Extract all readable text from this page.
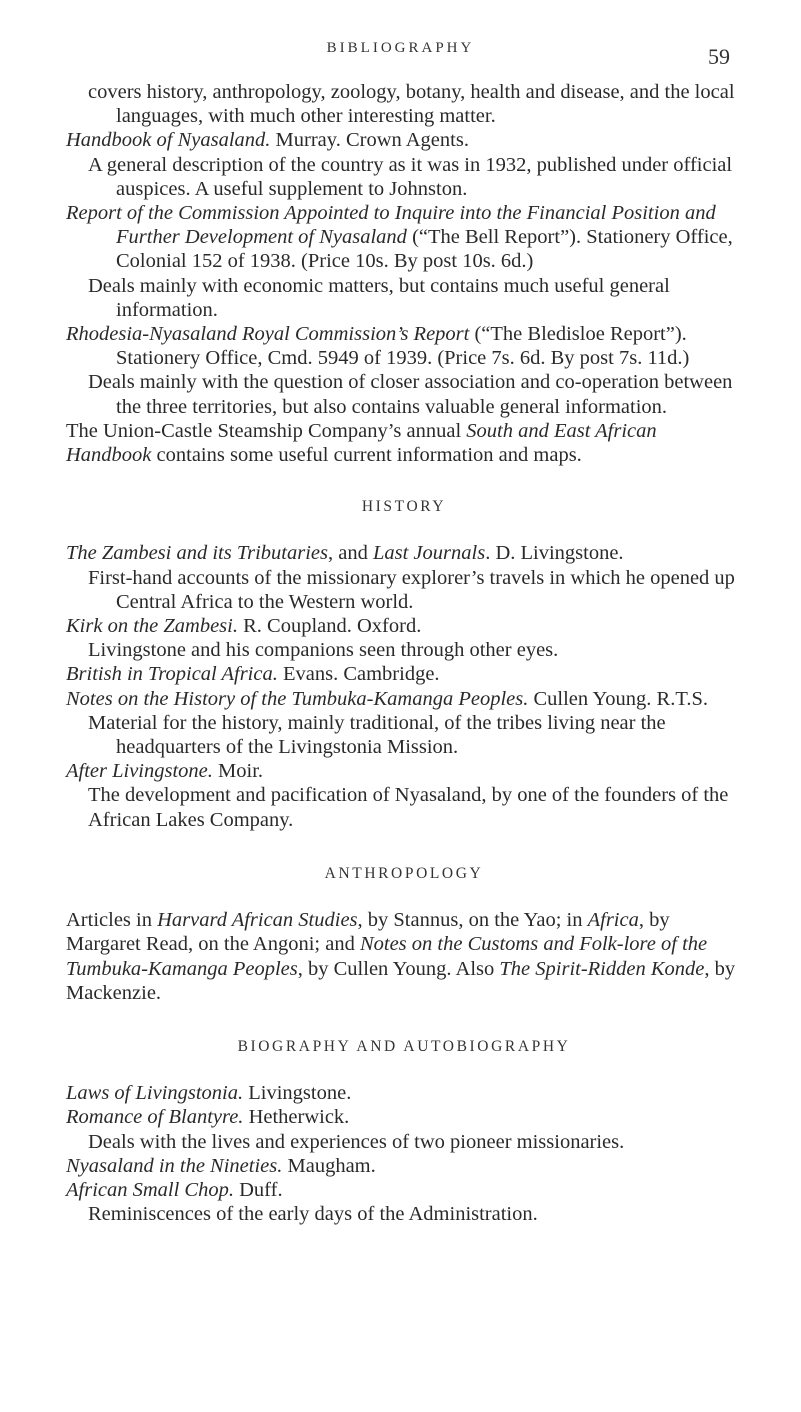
BIBLIOGRAPHY	59

covers history, anthropology, zoology, botany, health and disease, and the local languages, with much other interesting matter.

Handbook of Nyasaland. Murray. Crown Agents.

A general description of the country as it was in 1932, published under official auspices. A useful supplement to Johnston.

Report of the Commission Appointed to Inquire into the Financial Position and Further Development of Nyasaland (“The Bell Report”). Stationery Office, Colonial 152 of 1938. (Price 10s. By post 10s. 6d.)

Deals mainly with economic matters, but contains much useful general information.

Rhodesia-Nyasaland Royal Commission’s Report (“The Bledisloe Report”). Stationery Office, Cmd. 5949 of 1939. (Price 7s. 6d. By post 7s. 11d.)

Deals mainly with the question of closer association and co-operation between the three territories, but also contains valuable general information.

The Union-Castle Steamship Company’s annual South and East African Handbook contains some useful current information and maps.

HISTORY

The Zambesi and its Tributaries, and Last Journals. D. Livingstone.

First-hand accounts of the missionary explorer’s travels in which he opened up Central Africa to the Western world.

Kirk on the Zambesi. R. Coupland. Oxford.

Livingstone and his companions seen through other eyes.

British in Tropical Africa. Evans. Cambridge.

Notes on the History of the Tumbuka-Kamanga Peoples. Cullen Young. R.T.S.

Material for the history, mainly traditional, of the tribes living near the headquarters of the Livingstonia Mission.

After Livingstone. Moir.

The development and pacification of Nyasaland, by one of the founders of the African Lakes Company.

ANTHROPOLOGY

Articles in Harvard African Studies, by Stannus, on the Yao; in Africa, by Margaret Read, on the Angoni; and Notes on the Customs and Folk-lore of the Tumbuka-Kamanga Peoples, by Cullen Young. Also The Spirit-Ridden Konde, by Mackenzie.

BIOGRAPHY AND AUTOBIOGRAPHY

Laws of Livingstonia. Livingstone.

Romance of Blantyre. Hetherwick.

Deals with the lives and experiences of two pioneer missionaries.

Nyasaland in the Nineties. Maugham.

African Small Chop. Duff.

Reminiscences of the early days of the Administration.
